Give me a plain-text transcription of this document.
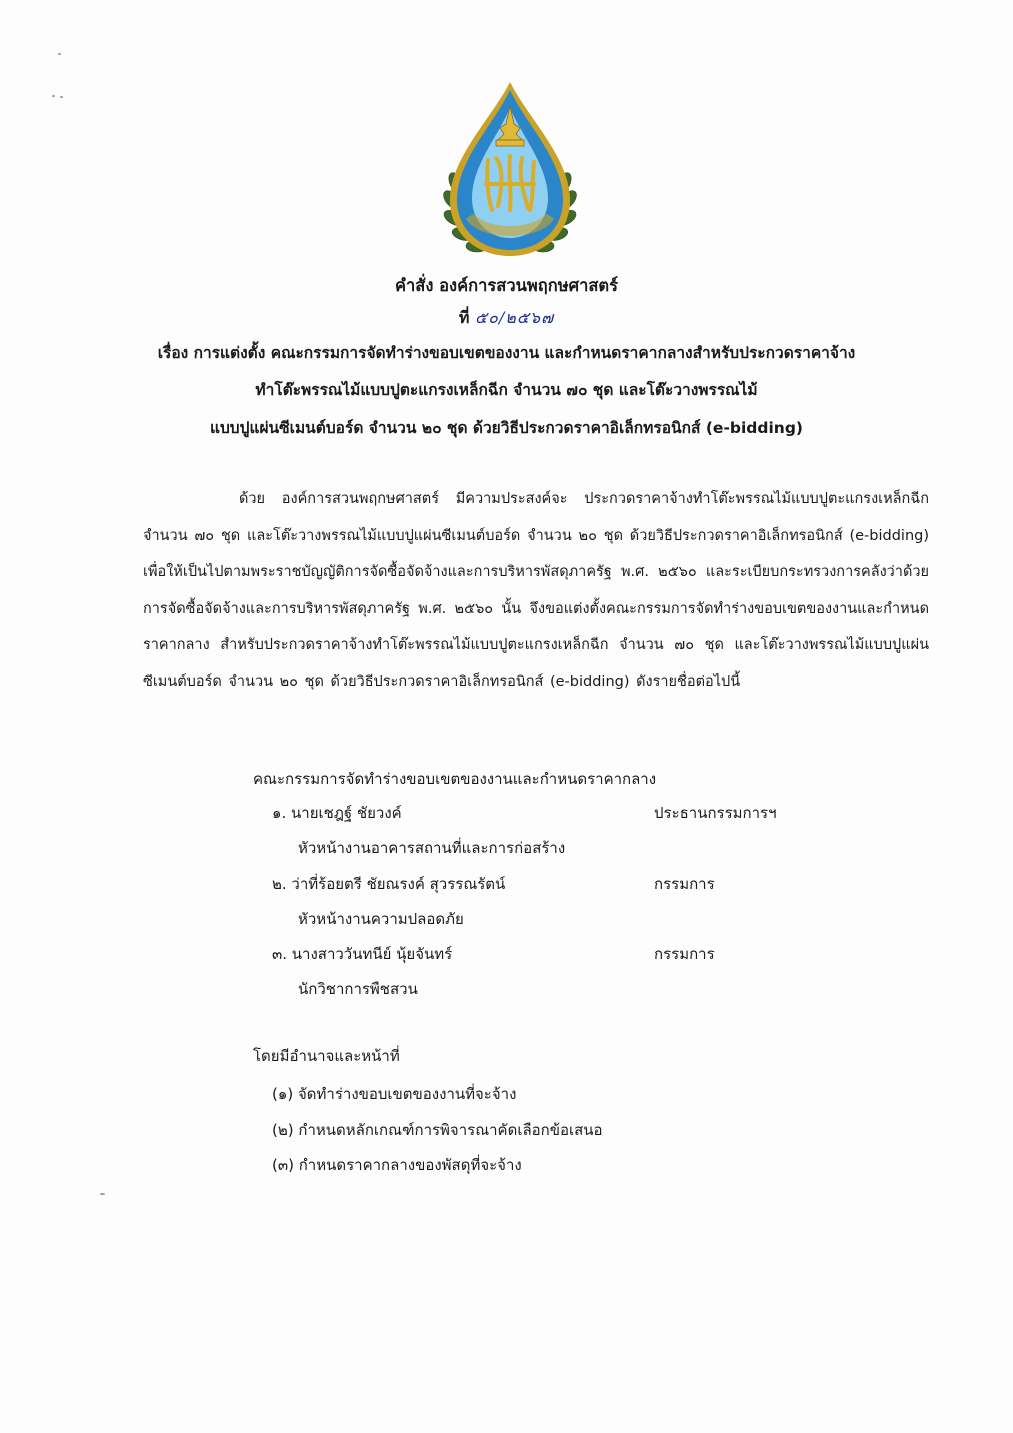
คำสั่ง องค์การสวนพฤกษศาสตร์
ที่ ๕๐/๒๕๖๗
เรื่อง การแต่งตั้ง คณะกรรมการจัดทำร่างขอบเขตของงาน และกำหนดราคากลางสำหรับประกวดราคาจ้าง
ทำโต๊ะพรรณไม้แบบปูตะแกรงเหล็กฉีก จำนวน ๗๐ ชุด และโต๊ะวางพรรณไม้
แบบปูแผ่นซีเมนต์บอร์ด จำนวน ๒๐ ชุด ด้วยวิธีประกวดราคาอิเล็กทรอนิกส์ (e-bidding)
ด้วย องค์การสวนพฤกษศาสตร์ มีความประสงค์จะ ประกวดราคาจ้างทำโต๊ะพรรณไม้แบบปูตะแกรงเหล็กฉีก จำนวน ๗๐ ชุด และโต๊ะวางพรรณไม้แบบปูแผ่นซีเมนต์บอร์ด จำนวน ๒๐ ชุด ด้วยวิธีประกวดราคาอิเล็กทรอนิกส์ (e-bidding) เพื่อให้เป็นไปตามพระราชบัญญัติการจัดซื้อจัดจ้างและการบริหารพัสดุภาครัฐ พ.ศ. ๒๕๖๐ และระเบียบกระทรวงการคลังว่าด้วยการจัดซื้อจัดจ้างและการบริหารพัสดุภาครัฐ พ.ศ. ๒๕๖๐ นั้น จึงขอแต่งตั้งคณะกรรมการจัดทำร่างขอบเขตของงานและกำหนดราคากลาง สำหรับประกวดราคาจ้างทำโต๊ะพรรณไม้แบบปูตะแกรงเหล็กฉีก จำนวน ๗๐ ชุด และโต๊ะวางพรรณไม้แบบปูแผ่นซีเมนต์บอร์ด จำนวน ๒๐ ชุด ด้วยวิธีประกวดราคาอิเล็กทรอนิกส์ (e-bidding) ดังรายชื่อต่อไปนี้
คณะกรรมการจัดทำร่างขอบเขตของงานและกำหนดราคากลาง
๑. นายเชฎฐ์ ชัยวงค์	ประธานกรรมการฯ
หัวหน้างานอาคารสถานที่และการก่อสร้าง
๒. ว่าที่ร้อยตรี ชัยณรงค์ สุวรรณรัตน์	กรรมการ
หัวหน้างานความปลอดภัย
๓. นางสาววันทนีย์ นุ้ยจันทร์	กรรมการ
นักวิชาการพืชสวน
โดยมีอำนาจและหน้าที่
(๑) จัดทำร่างขอบเขตของงานที่จะจ้าง
(๒) กำหนดหลักเกณฑ์การพิจารณาคัดเลือกข้อเสนอ
(๓) กำหนดราคากลางของพัสดุที่จะจ้าง
